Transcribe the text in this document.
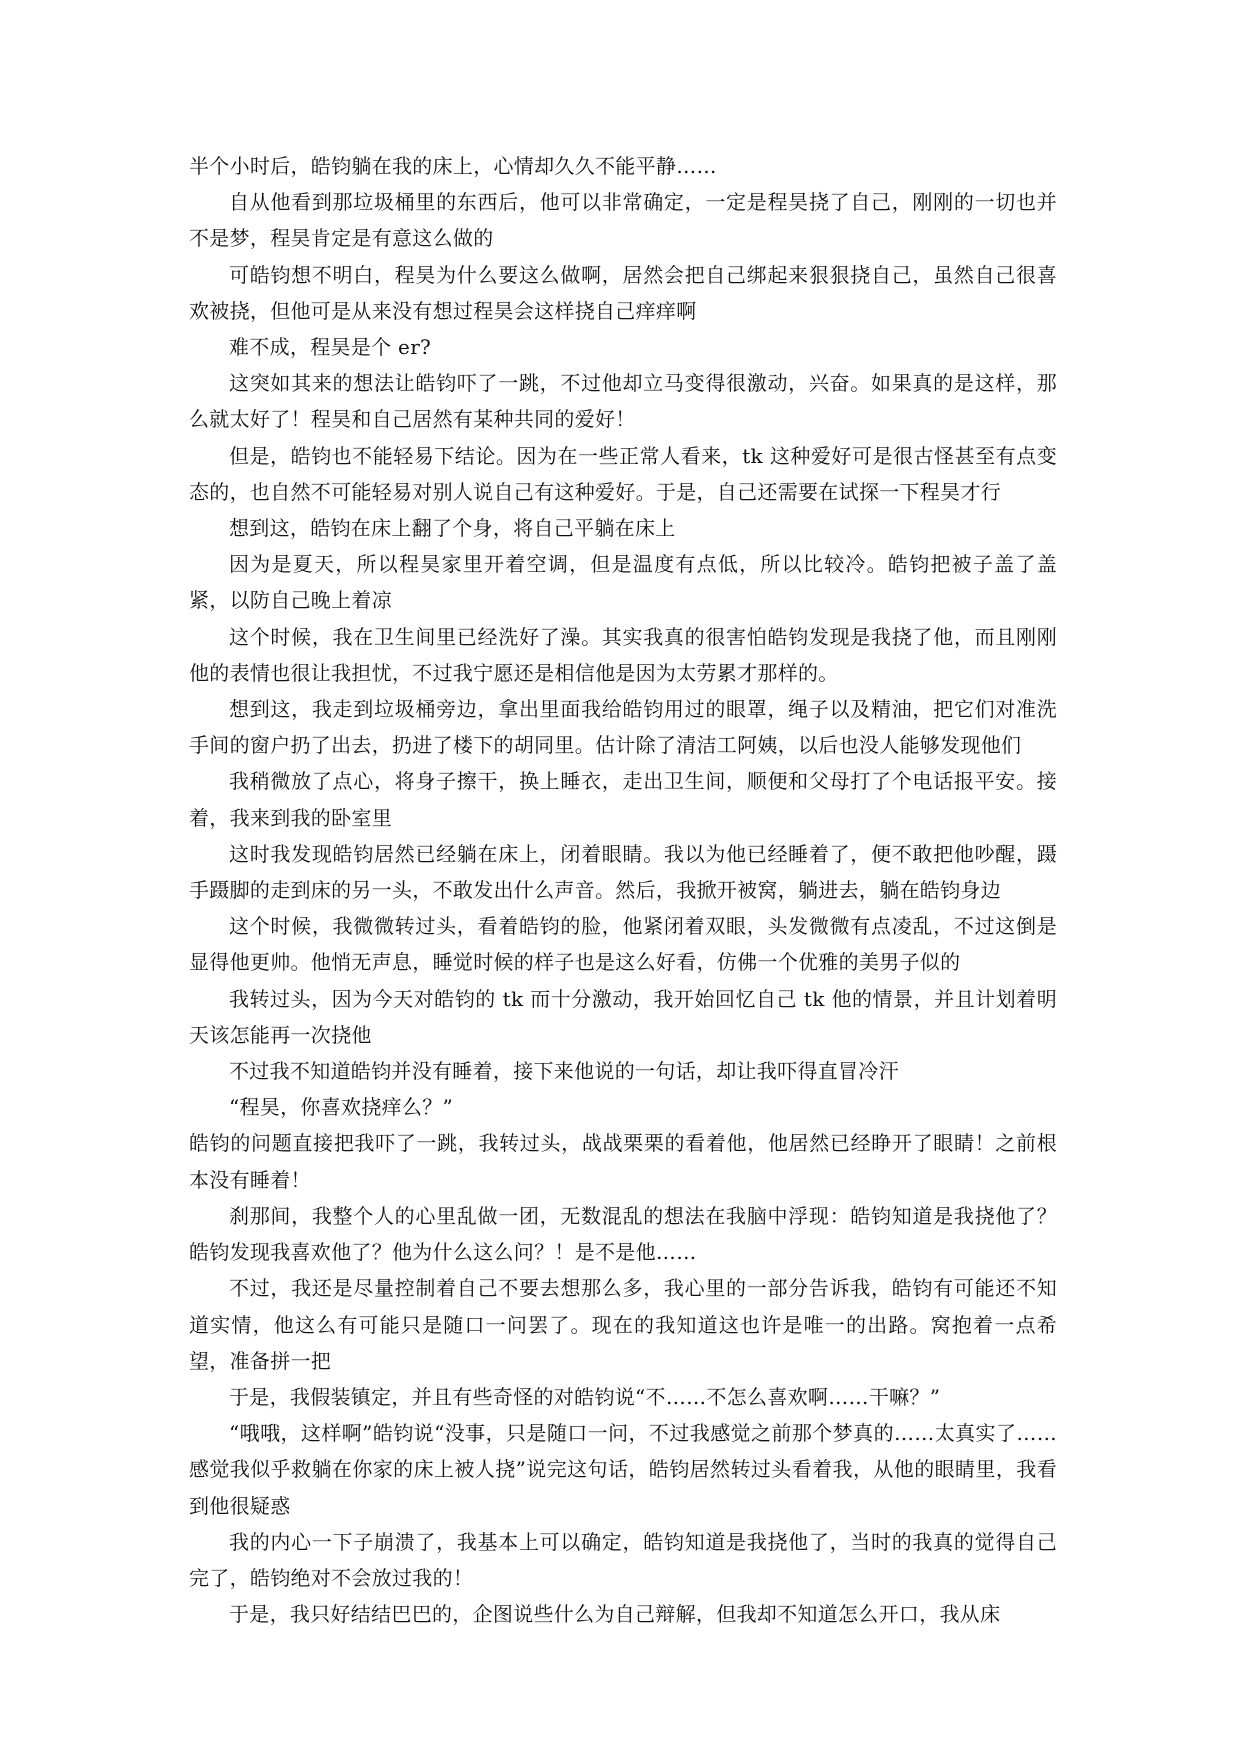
半个小时后，皓钧躺在我的床上，心情却久久不能平静……

自从他看到那垃圾桶里的东西后，他可以非常确定，一定是程昊挠了自己，刚刚的一切也并不是梦，程昊肯定是有意这么做的

可皓钧想不明白，程昊为什么要这么做啊，居然会把自己绑起来狠狠挠自己，虽然自己很喜欢被挠，但他可是从来没有想过程昊会这样挠自己痒痒啊

难不成，程昊是个 er?

这突如其来的想法让皓钧吓了一跳，不过他却立马变得很激动，兴奋。如果真的是这样，那么就太好了！程昊和自己居然有某种共同的爱好！

但是，皓钧也不能轻易下结论。因为在一些正常人看来，tk 这种爱好可是很古怪甚至有点变态的，也自然不可能轻易对别人说自己有这种爱好。于是，自己还需要在试探一下程昊才行

想到这，皓钧在床上翻了个身，将自己平躺在床上

因为是夏天，所以程昊家里开着空调，但是温度有点低，所以比较冷。皓钧把被子盖了盖紧，以防自己晚上着凉

这个时候，我在卫生间里已经洗好了澡。其实我真的很害怕皓钧发现是我挠了他，而且刚刚他的表情也很让我担忧，不过我宁愿还是相信他是因为太劳累才那样的。

想到这，我走到垃圾桶旁边，拿出里面我给皓钧用过的眼罩，绳子以及精油，把它们对准洗手间的窗户扔了出去，扔进了楼下的胡同里。估计除了清洁工阿姨，以后也没人能够发现他们

我稍微放了点心，将身子擦干，换上睡衣，走出卫生间，顺便和父母打了个电话报平安。接着，我来到我的卧室里

这时我发现皓钧居然已经躺在床上，闭着眼睛。我以为他已经睡着了，便不敢把他吵醒，蹑手蹑脚的走到床的另一头，不敢发出什么声音。然后，我掀开被窝，躺进去，躺在皓钧身边

这个时候，我微微转过头，看着皓钧的脸，他紧闭着双眼，头发微微有点凌乱，不过这倒是显得他更帅。他悄无声息，睡觉时候的样子也是这么好看，仿佛一个优雅的美男子似的

我转过头，因为今天对皓钧的 tk 而十分激动，我开始回忆自己 tk 他的情景，并且计划着明天该怎能再一次挠他

不过我不知道皓钧并没有睡着，接下来他说的一句话，却让我吓得直冒冷汗

“程昊，你喜欢挠痒么？”

皓钧的问题直接把我吓了一跳，我转过头，战战栗栗的看着他，他居然已经睁开了眼睛！之前根本没有睡着！

刹那间，我整个人的心里乱做一团，无数混乱的想法在我脑中浮现：皓钧知道是我挠他了？皓钧发现我喜欢他了？他为什么这么问？！是不是他……

不过，我还是尽量控制着自己不要去想那么多，我心里的一部分告诉我，皓钧有可能还不知道实情，他这么有可能只是随口一问罢了。现在的我知道这也许是唯一的出路。窝抱着一点希望，准备拼一把

于是，我假装镇定，并且有些奇怪的对皓钧说“不……不怎么喜欢啊……干嘛？”

“哦哦，这样啊”皓钧说“没事，只是随口一问，不过我感觉之前那个梦真的……太真实了……感觉我似乎救躺在你家的床上被人挠”说完这句话，皓钧居然转过头看着我，从他的眼睛里，我看到他很疑惑

我的内心一下子崩溃了，我基本上可以确定，皓钧知道是我挠他了，当时的我真的觉得自己完了，皓钧绝对不会放过我的！

于是，我只好结结巴巴的，企图说些什么为自己辩解，但我却不知道怎么开口，我从床
